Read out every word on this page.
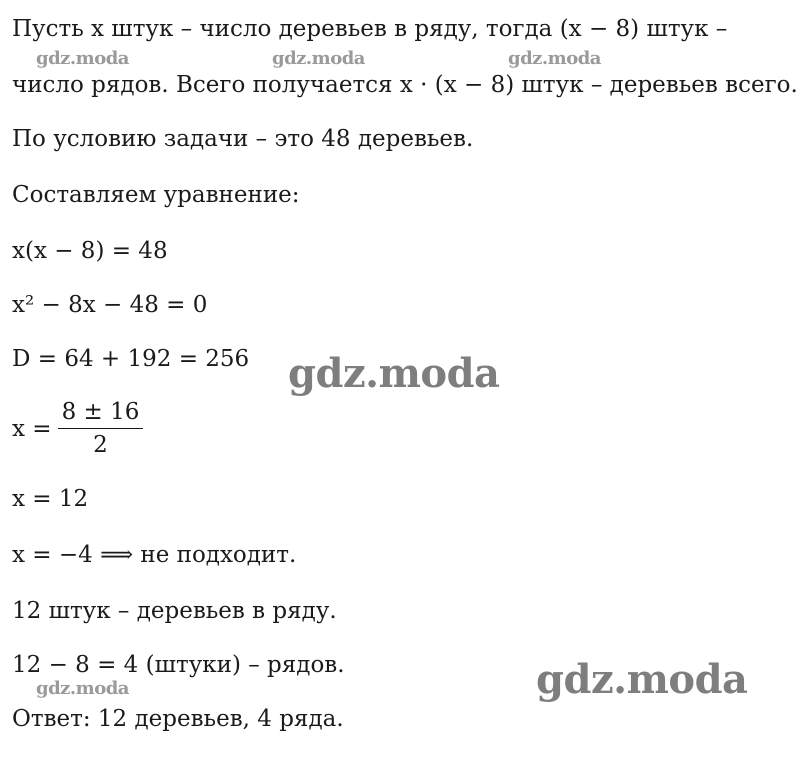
Пусть x штук – число деревьев в ряду, тогда (x − 8) штук –
число рядов. Всего получается x · (x − 8) штук – деревьев всего.
По условию задачи – это 48 деревьев.
Составляем уравнение:
x(x − 8) = 48
x² − 8x − 48 = 0
D = 64 + 192 = 256
$x = \frac{8 \pm 16}{2}$
x = 12
x = −4 ⟹ не подходит.
12 штук – деревьев в ряду.
12 − 8 = 4 (штуки) – рядов.
Ответ: 12 деревьев, 4 ряда.
gdz.moda	gdz.moda	gdz.moda
gdz.moda
gdz.moda
gdz.moda
